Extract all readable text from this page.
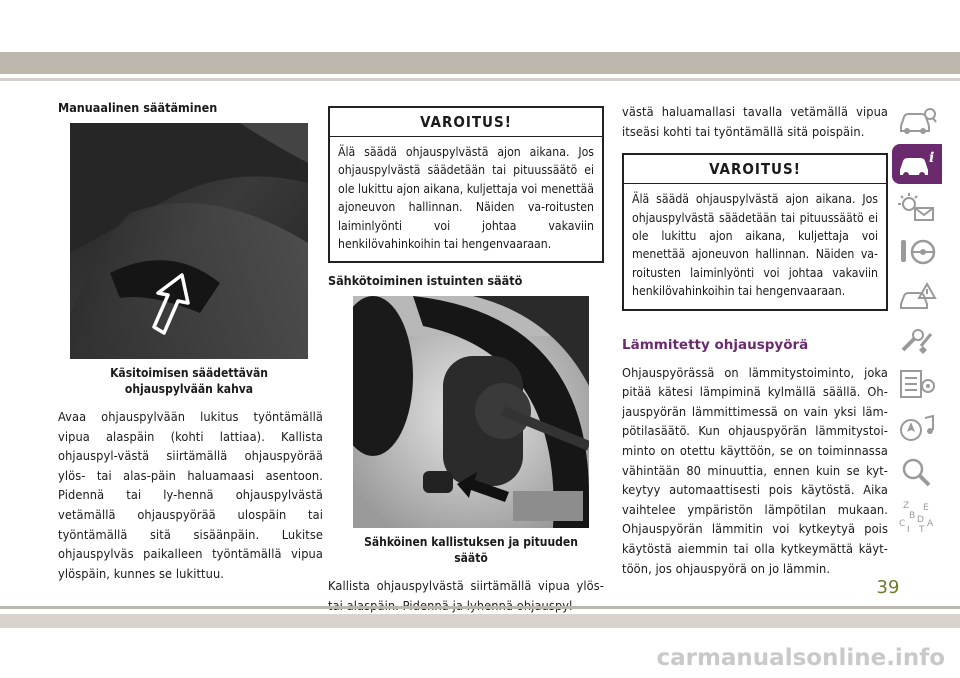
Manuaalinen säätäminen
Käsitoimisen säädettävän ohjauspylvään kahva

Avaa ohjauspylvään lukitus työntämällä vipua alaspäin (kohti lattiaa). Kallista ohjauspyl-västä siirtämällä ohjauspyörää ylös- tai alas-päin haluamaasi asentoon. Pidennä tai ly-hennä ohjauspylvästä vetämällä ohjauspyörää ulospäin tai työntämällä sitä sisäänpäin. Lukitse ohjauspylväs paikalleen työntämällä vipua ylöspäin, kunnes se lukittuu.

VAROITUS!
Älä säädä ohjauspylvästä ajon aikana. Jos ohjauspylvästä säädetään tai pituussäätö ei ole lukittu ajon aikana, kuljettaja voi menettää ajoneuvon hallinnan. Näiden va-roitusten laiminlyönti voi johtaa vakaviin henkilövahinkoihin tai hengenvaaraan.
Sähkötoiminen istuinten säätö
Sähköinen kallistuksen ja pituuden säätö

Kallista ohjauspylvästä siirtämällä vipua ylös-

västä haluamallasi tavalla vetämällä vipua itseäsi kohti tai työntämällä sitä poispäin.

VAROITUS!
Älä säädä ohjauspylvästä ajon aikana. Jos ohjauspylvästä säädetään tai pituussäätö ei ole lukittu ajon aikana, kuljettaja voi menettää ajoneuvon hallinnan. Näiden va-roitusten laiminlyönti voi johtaa vakaviin henkilövahinkoihin tai hengenvaaraan.
Lämmitetty ohjauspyörä

Ohjauspyörässä on lämmitystoiminto, joka pitää kätesi lämpiminä kylmällä säällä. Oh-jauspyörän lämmittimessä on vain yksi läm-pötilasäätö. Kun ohjauspyörän lämmitystoi-minto on otettu käyttöön, se on toiminnassa vähintään 80 minuuttia, ennen kuin se kyt-keytyy automaattisesti pois käytöstä. Aika vaihtelee ympäristön lämpötilan mukaan. Ohjauspyörän lämmitin voi kytkeytyä pois käytöstä aiemmin tai olla kytkeymättä käyt-töön, jos ohjauspyörä on jo lämmin.

i
Z
B
E
C D A
I T
39
carmanualsonline.info
